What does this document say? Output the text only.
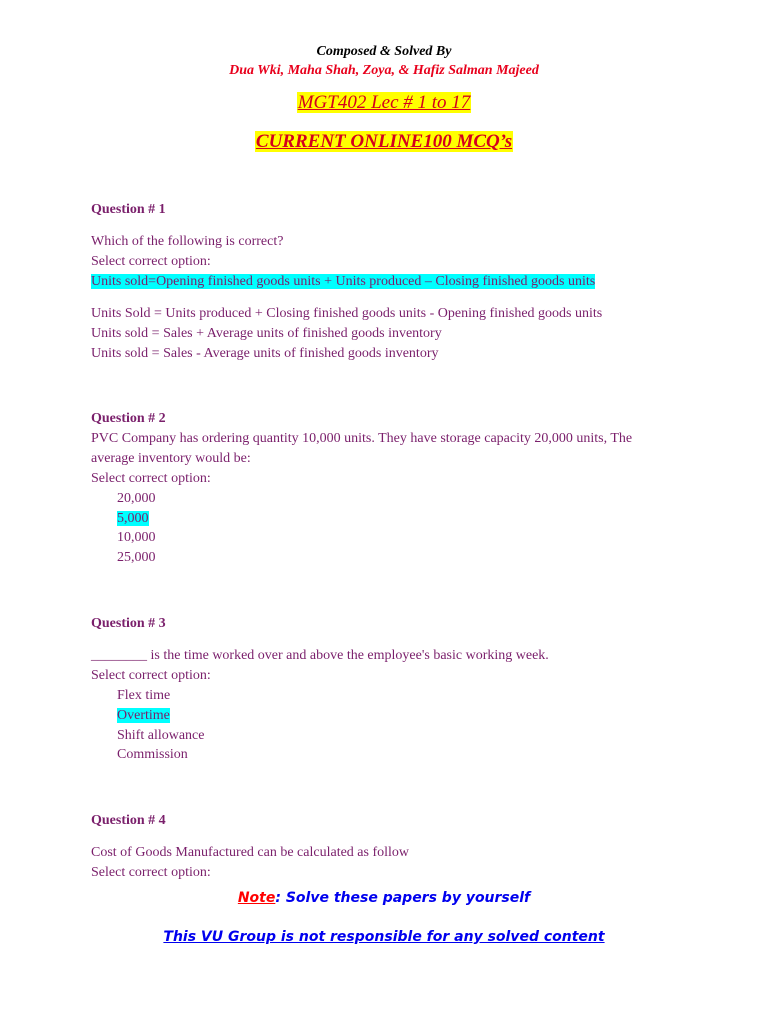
Composed & Solved By
Dua Wki, Maha Shah, Zoya, & Hafiz Salman Majeed
MGT402 Lec # 1 to 17
CURRENT ONLINE100 MCQ’s
Question # 1
Which of the following is correct?
Select correct option:
Units sold=Opening finished goods units + Units produced – Closing finished goods units
Units Sold = Units produced + Closing finished goods units - Opening finished goods units
Units sold = Sales + Average units of finished goods inventory
Units sold = Sales - Average units of finished goods inventory
Question # 2
PVC Company has ordering quantity 10,000 units. They have storage capacity 20,000 units, The
average inventory would be:
Select correct option:
20,000
5,000
10,000
25,000
Question # 3
________ is the time worked over and above the employee's basic working week.
Select correct option:
Flex time
Overtime
Shift allowance
Commission
Question # 4
Cost of Goods Manufactured can be calculated as follow
Select correct option:
Note: Solve these papers by yourself
This VU Group is not responsible for any solved content
